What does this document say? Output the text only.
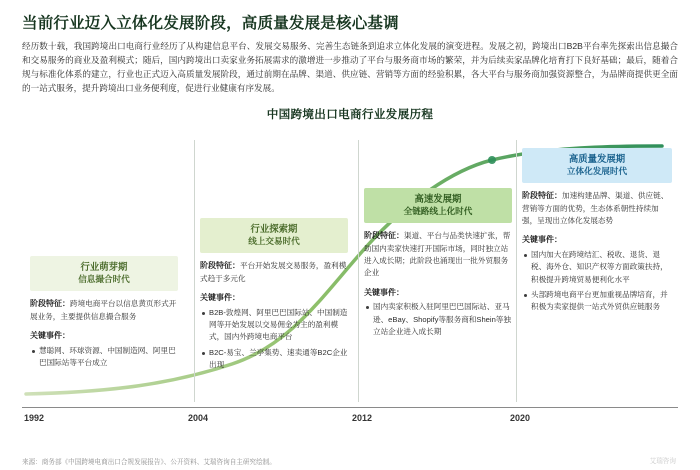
当前行业迈入立体化发展阶段，高质量发展是核心基调

经历数十载，我国跨境出口电商行业经历了从构建信息平台、发展交易服务、完善生态链条到追求立体化发展的演变进程。发展之初，跨境出口B2B平台率先探索出信息撮合和交易服务的商业及盈利模式；随后，国内跨境出口卖家业务拓展需求的激增进一步推动了平台与服务商市场的繁荣，并为后续卖家品牌化培育打下良好基础；最后，随着合规与标准化体系的建立，行业也正式迈入高质量发展阶段，通过前期在品牌、渠道、供应链、营销等方面的经验积累，各大平台与服务商加强资源整合，为品牌商提供更全面的一站式服务，提升跨境出口业务便利度，促进行业健康有序发展。

中国跨境出口电商行业发展历程
行业萌芽期
信息撮合时代
阶段特征：跨境电商平台以信息黄页形式开展业务，主要提供信息撮合服务
关键事件：
慧聪网、环球资源、中国制造网、阿里巴巴国际站等平台成立
行业探索期
线上交易时代
阶段特征：平台开始发展交易服务，盈利模式趋于多元化
关键事件：
B2B-敦煌网、阿里巴巴国际站、中国制造网等开始发展以交易佣金为主的盈利模式，国内外跨境电商平台
B2C-易宝、兰亭集势、速卖通等B2C企业出现
高速发展期
全链路线上化时代
阶段特征：渠道、平台与品类快速扩张，帮助国内卖家快速打开国际市场，同时独立站进入成长期；此阶段也涌现出一批外贸服务企业
关键事件：
国内卖家积极入驻阿里巴巴国际站、亚马逊、eBay、Shopify等服务商和Shein等独立站企业进入成长期
高质量发展期
立体化发展时代
阶段特征：加速构建品牌、渠道、供应链、营销等方面的优势，生态体系朝性持续加强，呈现出立体化发展态势
关键事件：
国内加大在跨境结汇、税收、退货、退税、海外仓、知识产权等方面政策扶持，积极提升跨境贸易便利化水平
头部跨境电商平台更加重视品牌培育，并积极为卖家提供一站式外贸供应链服务
1992	2004	2012	2020
来源：商务部《中国跨境电商出口合规发展报告》、公开资料、艾瑞咨询自主研究绘制。	艾瑞咨询
